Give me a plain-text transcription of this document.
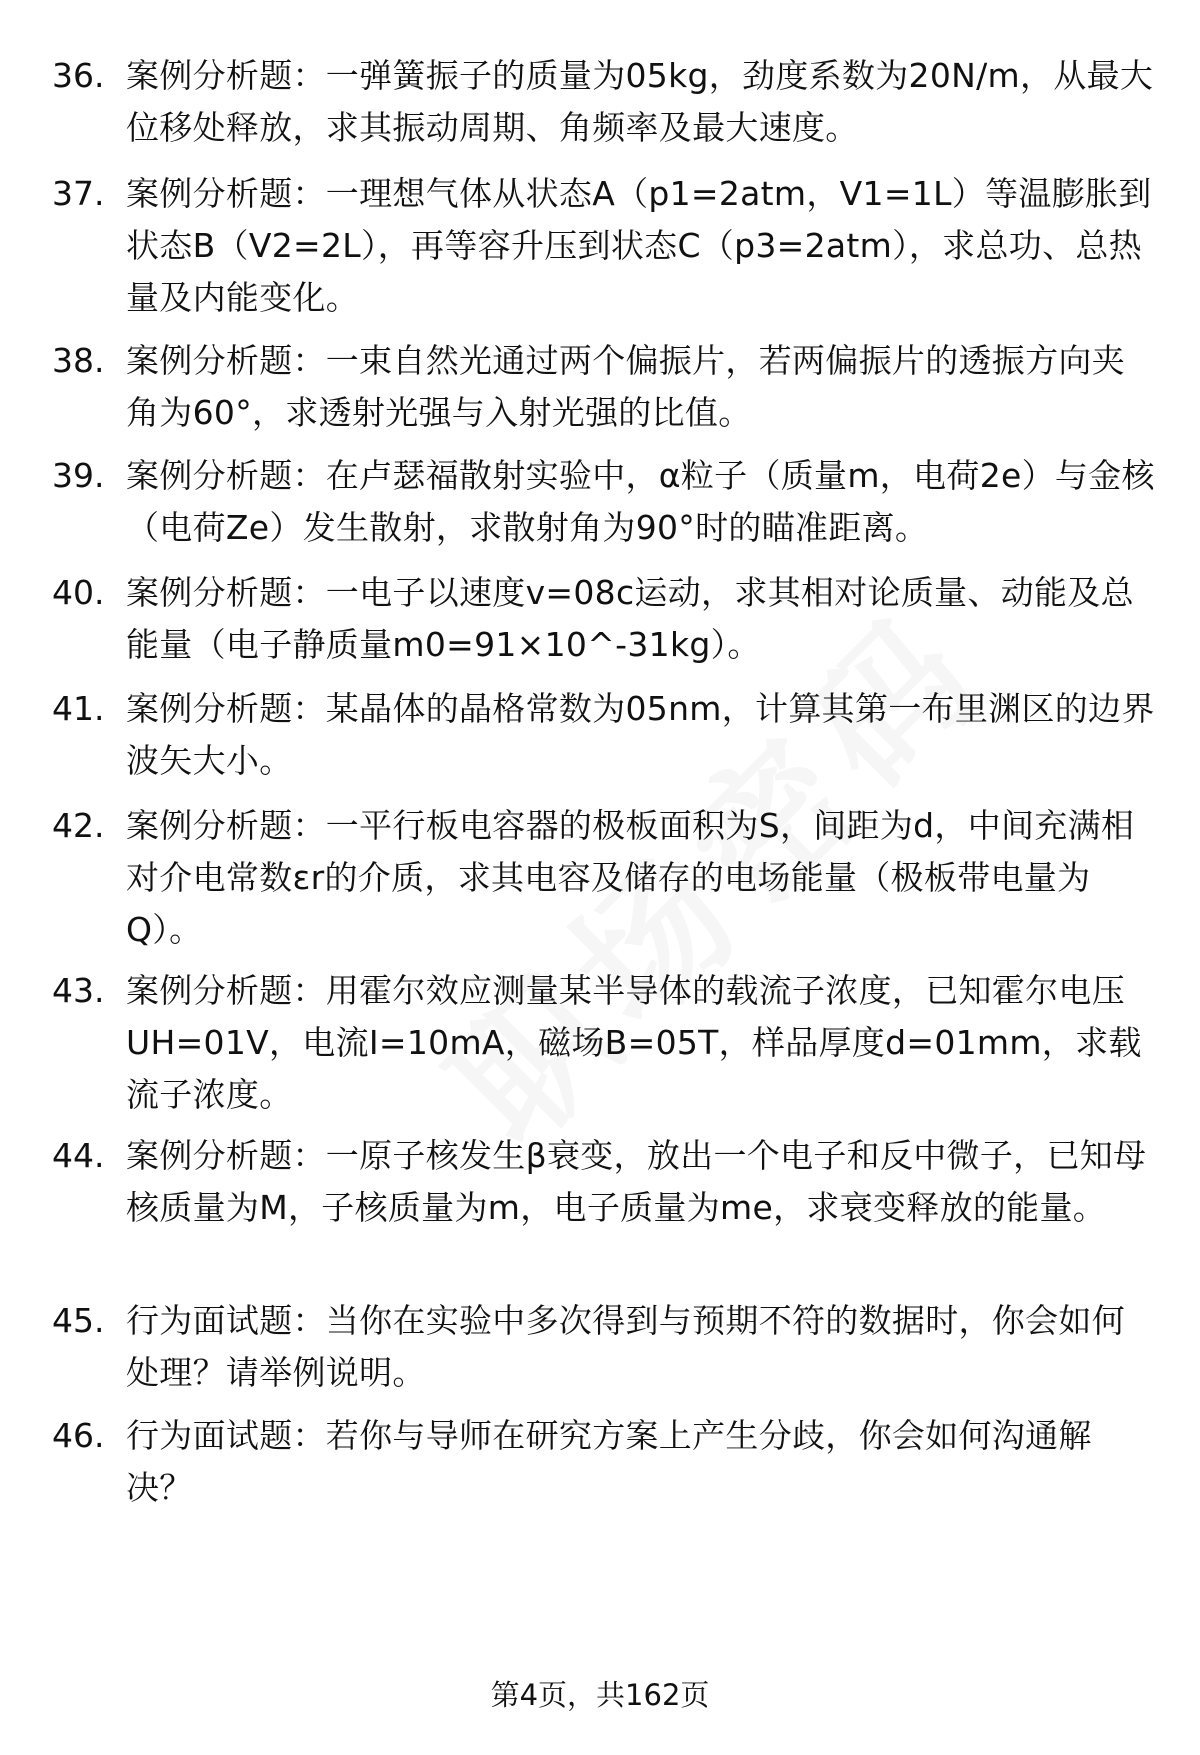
36. 案例分析题：一弹簧振子的质量为05kg，劲度系数为20N/m，从最大位移处释放，求其振动周期、角频率及最大速度。
37. 案例分析题：一理想气体从状态A（p1=2atm，V1=1L）等温膨胀到状态B（V2=2L），再等容升压到状态C（p3=2atm），求总功、总热量及内能变化。
38. 案例分析题：一束自然光通过两个偏振片，若两偏振片的透振方向夹角为60°，求透射光强与入射光强的比值。
39. 案例分析题：在卢瑟福散射实验中，α粒子（质量m，电荷2e）与金核（电荷Ze）发生散射，求散射角为90°时的瞄准距离。
40. 案例分析题：一电子以速度v=08c运动，求其相对论质量、动能及总能量（电子静质量m0=91×10^-31kg）。
41. 案例分析题：某晶体的晶格常数为05nm，计算其第一布里渊区的边界波矢大小。
42. 案例分析题：一平行板电容器的极板面积为S，间距为d，中间充满相对介电常数εr的介质，求其电容及储存的电场能量（极板带电量为Q）。
43. 案例分析题：用霍尔效应测量某半导体的载流子浓度，已知霍尔电压UH=01V，电流I=10mA，磁场B=05T，样品厚度d=01mm，求载流子浓度。
44. 案例分析题：一原子核发生β衰变，放出一个电子和反中微子，已知母核质量为M，子核质量为m，电子质量为me，求衰变释放的能量。
45. 行为面试题：当你在实验中多次得到与预期不符的数据时，你会如何处理？请举例说明。
46. 行为面试题：若你与导师在研究方案上产生分歧，你会如何沟通解决？
第4页，共162页
